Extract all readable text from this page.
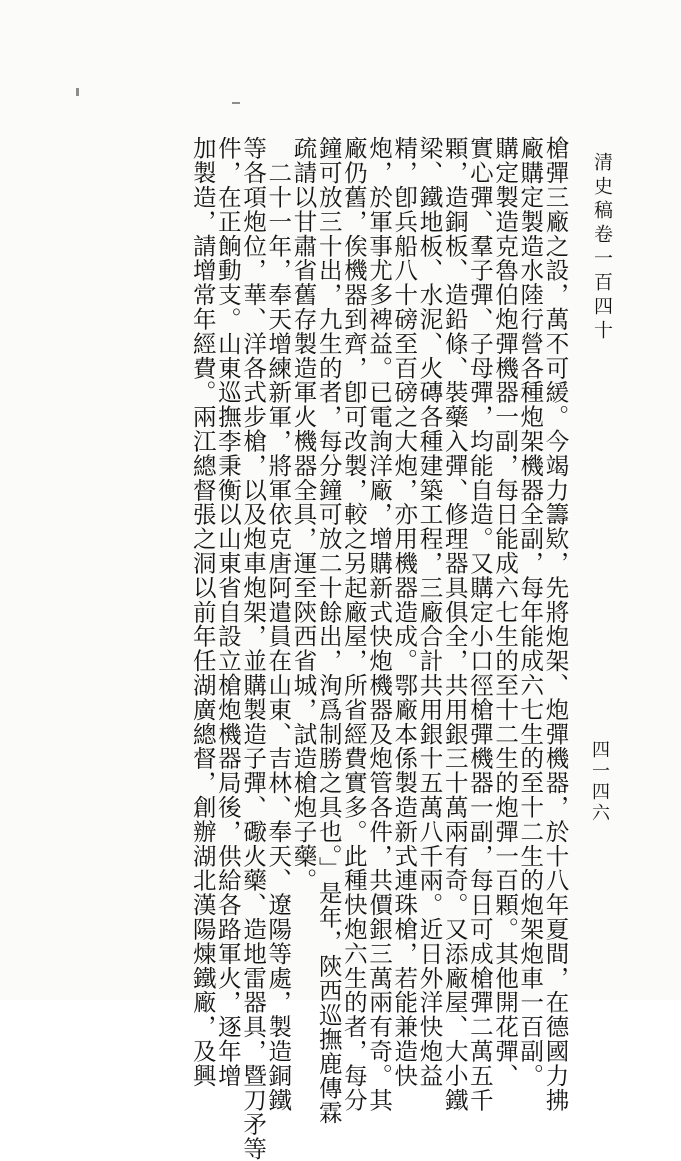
清史稿卷一百四十
槍彈三廠之設，萬不可緩。今竭力籌欵，先將炮架、炮彈機器，於十八年夏間，在德國力拂
廠購定製造水陸行營各種炮架機器全副，每年能成六七生的至十二生的炮架炮車一百副。
購定製造克魯伯炮彈機器一副，每日能成六七生的至十二生的炮彈一百顆。其他開花彈、
實心彈、羣子彈、子母彈，均能自造。又購定小口徑槍彈機器一副，每日可成槍彈二萬五千
顆，造銅板、造鉛條、裝藥入彈、修理器具俱全，共用銀三十萬兩有奇。又添廠屋、大小鐵
梁、鐵地板、水泥、火磚各種建築工程，三廠合計共用銀十五萬八千兩。近日外洋快炮益
精，卽兵船八十磅至百磅之大炮，亦用機器造成。鄂廠本係製造新式連珠槍，若能兼造快
炮，於軍事尤多裨益。已電詢洋廠，增購新式快炮機器及炮管各件，共價銀三萬兩有奇。其
廠仍舊，俟機器到齊，卽可改製，較之另起廠屋，所省經費實多。此種快炮六生的者，每分
鐘可放三十出，九生的者，每分鐘可放二十餘出，洵爲制勝之具也。」是年，陝西巡撫鹿傳霖
疏請以甘肅省舊存製造軍火機器全具，運至陝西省城，試造槍炮子藥。
　二十一年，奉天增練新軍，將軍依克唐阿遣員在山東、吉林、奉天、遼陽等處，製造銅鐵
等各項炮位，華、洋各式步槍，以及炮車炮架，並購製造子彈、礮火藥、造地雷器具，暨刀矛等
件，在正餉動支。山東巡撫李秉衡以山東省自設立槍炮機器局後，供給各路軍火，逐年增
加製造，請增常年經費。兩江總督張之洞以前年任湖廣總督，創辦湖北漢陽煉鐵廠，及興	四一四六
